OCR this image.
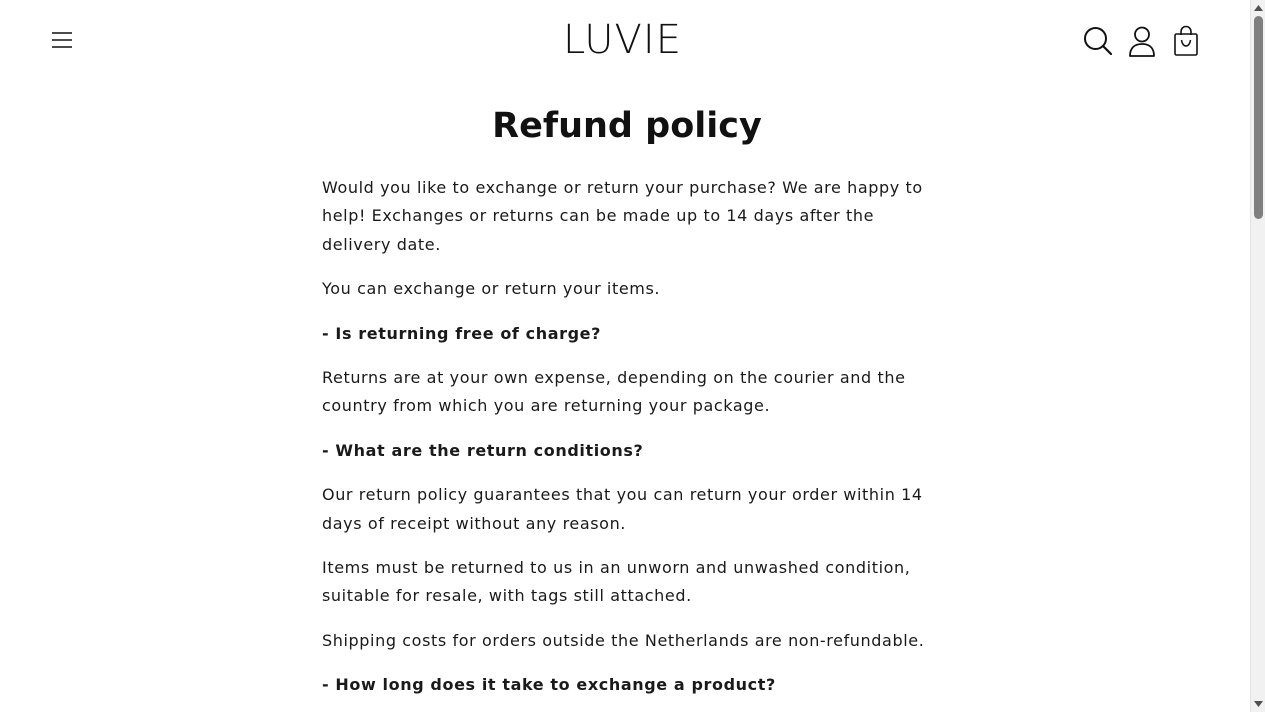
LUVIE
Refund policy

Would you like to exchange or return your purchase? We are happy to help! Exchanges or returns can be made up to 14 days after the delivery date.

You can exchange or return your items.

- Is returning free of charge?

Returns are at your own expense, depending on the courier and the country from which you are returning your package.

- What are the return conditions?

Our return policy guarantees that you can return your order within 14 days of receipt without any reason.

Items must be returned to us in an unworn and unwashed condition, suitable for resale, with tags still attached.

Shipping costs for orders outside the Netherlands are non-refundable.

- How long does it take to exchange a product?
